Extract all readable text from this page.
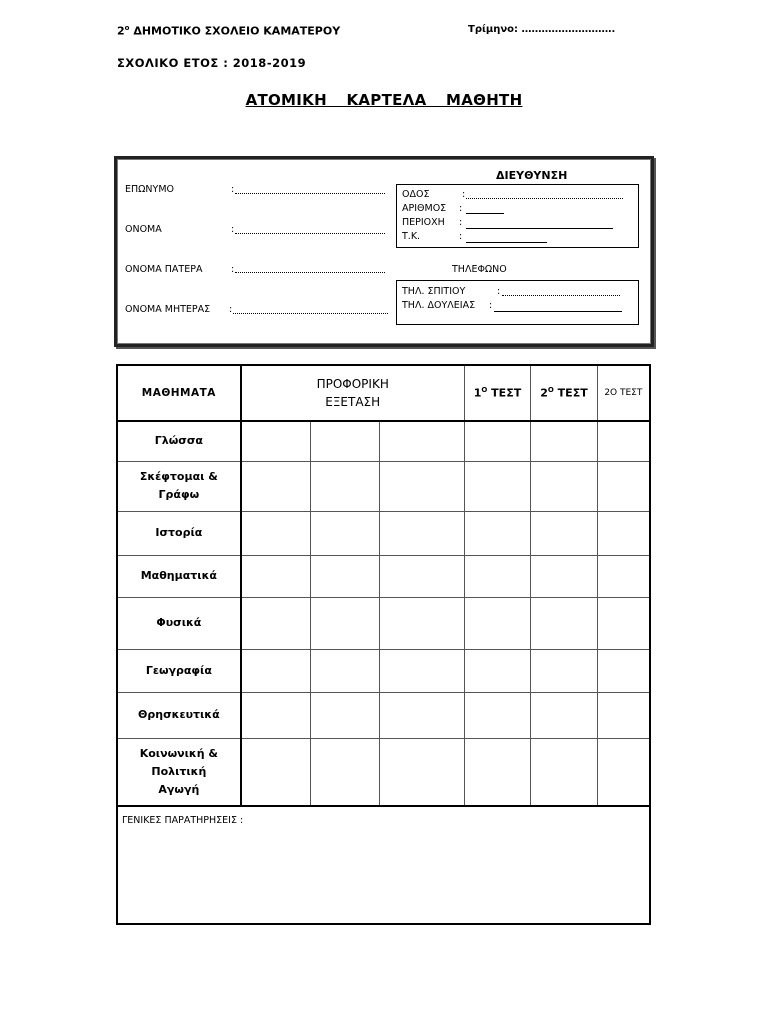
$2^o$ ΔΗΜΟΤΙΚΟ ΣΧΟΛΕΙΟ ΚΑΜΑΤΕΡΟΥ	Τρίμηνο: ……………………….
ΣΧΟΛΙΚΟ ΕΤΟΣ : 2018-2019
ΑΤΟΜΙΚΗ ΚΑΡΤΕΛΑ ΜΑΘΗΤΗ
ΕΠΩΝΥΜΟ	:
ΟΝΟΜΑ	:
ΟΝΟΜΑ ΠΑΤΕΡΑ	:
ΟΝΟΜΑ ΜΗΤΕΡΑΣ :
ΔΙΕΥΘΥΝΣΗ
ΟΔΟΣ	:
ΑΡΙΘΜΟΣ :
ΠΕΡΙΟΧΗ :
Τ.Κ.	:
ΤΗΛΕΦΩΝΟ
ΤΗΛ. ΣΠΙΤΙΟΥ	:
ΤΗΛ. ΔΟΥΛΕΙΑΣ :
ΜΑΘΗΜΑΤΑ	ΠΡΟΦΟΡΙΚΗ ΕΞΕΤΑΣΗ			$1^O$ ΤΕΣΤ	$2^O$ ΤΕΣΤ	2Ο ΤΕΣΤ
Γλώσσα						
Σκέφτομαι & Γράφω						
Ιστορία						
Μαθηματικά						
Φυσικά						
Γεωγραφία						
Θρησκευτικά						
Κοινωνική & Πολιτική Αγωγή						
ΓΕΝΙΚΕΣ ΠΑΡΑΤΗΡΗΣΕΙΣ :						
